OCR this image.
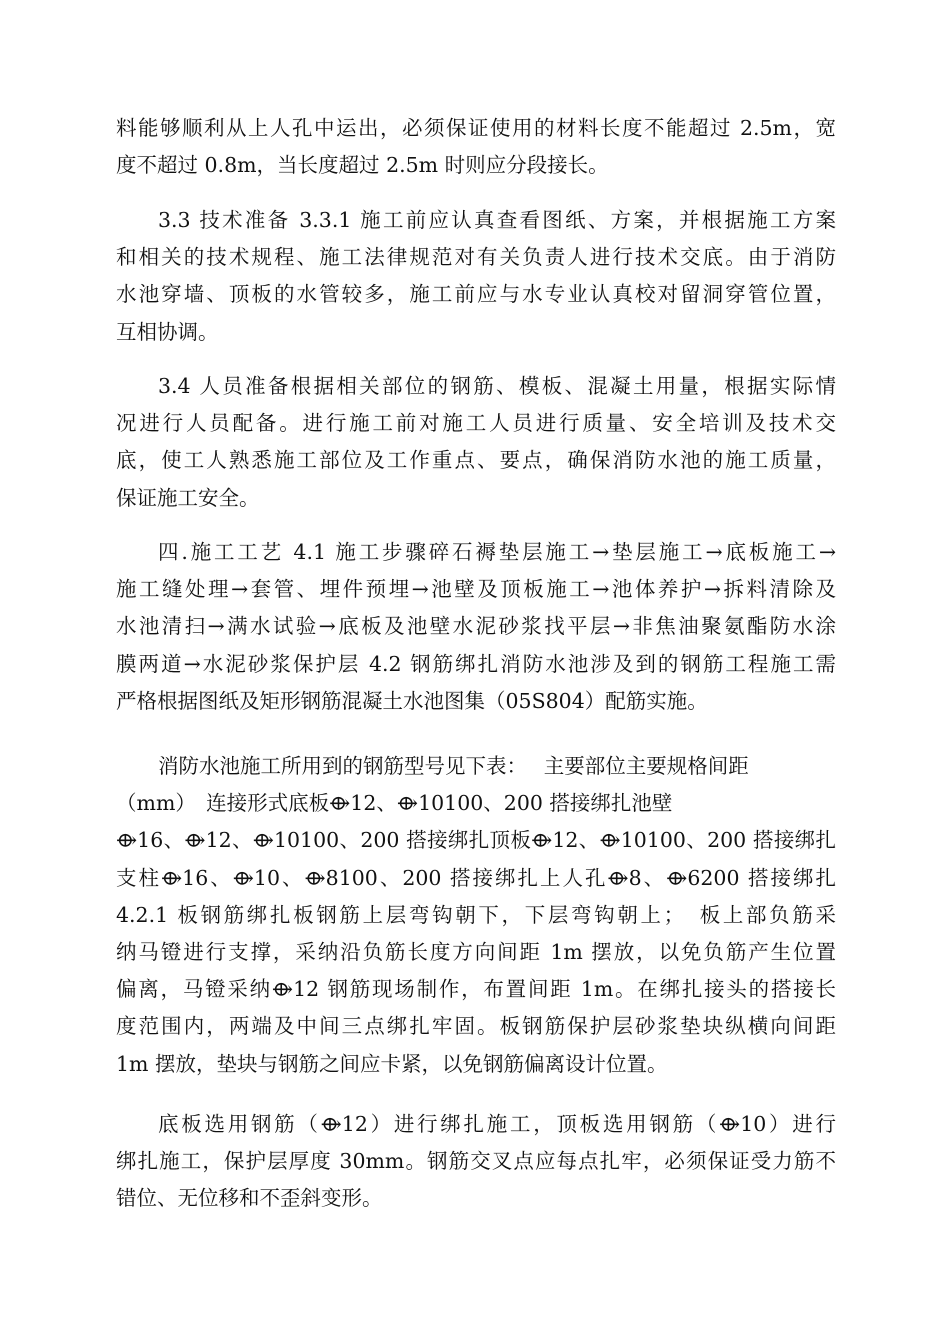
料能够顺利从上人孔中运出，必须保证使用的材料长度不能超过 2.5m，宽
度不超过 0.8m，当长度超过 2.5m 时则应分段接长。

3.3 技术准备 3.3.1 施工前应认真查看图纸、方案，并根据施工方案
和相关的技术规程、施工法律规范对有关负责人进行技术交底。由于消防
水池穿墙、顶板的水管较多，施工前应与水专业认真校对留洞穿管位置，
互相协调。

3.4 人员准备根据相关部位的钢筋、模板、混凝土用量，根据实际情
况进行人员配备。进行施工前对施工人员进行质量、安全培训及技术交
底，使工人熟悉施工部位及工作重点、要点，确保消防水池的施工质量，
保证施工安全。

四.施工工艺 4.1 施工步骤碎石褥垫层施工→垫层施工→底板施工→
施工缝处理→套管、埋件预埋→池壁及顶板施工→池体养护→拆料清除及
水池清扫→满水试验→底板及池壁水泥砂浆找平层→非焦油聚氨酯防水涂
膜两道→水泥砂浆保护层 4.2 钢筋绑扎消防水池涉及到的钢筋工程施工需
严格根据图纸及矩形钢筋混凝土水池图集（05S804）配筋实施。

消防水池施工所用到的钢筋型号见下表：　 主要部位主要规格间距
（mm）　连接形式底板⟴12、⟴10100、200 搭接绑扎池壁
⟴16、⟴12、⟴10100、200 搭接绑扎顶板⟴12、⟴10100、200 搭接绑扎
支柱⟴16、⟴10、⟴8100、200 搭接绑扎上人孔⟴8、⟴6200 搭接绑扎
4.2.1 板钢筋绑扎板钢筋上层弯钩朝下，下层弯钩朝上；　板上部负筋采
纳马镫进行支撑，采纳沿负筋长度方向间距 1m 摆放，以免负筋产生位置
偏离，马镫采纳⟴12 钢筋现场制作，布置间距 1m。在绑扎接头的搭接长
度范围内，两端及中间三点绑扎牢固。板钢筋保护层砂浆垫块纵横向间距
1m 摆放，垫块与钢筋之间应卡紧，以免钢筋偏离设计位置。

底板选用钢筋（⟴12）进行绑扎施工，顶板选用钢筋（⟴10）进行
绑扎施工，保护层厚度 30mm。钢筋交叉点应每点扎牢，必须保证受力筋不
错位、无位移和不歪斜变形。
